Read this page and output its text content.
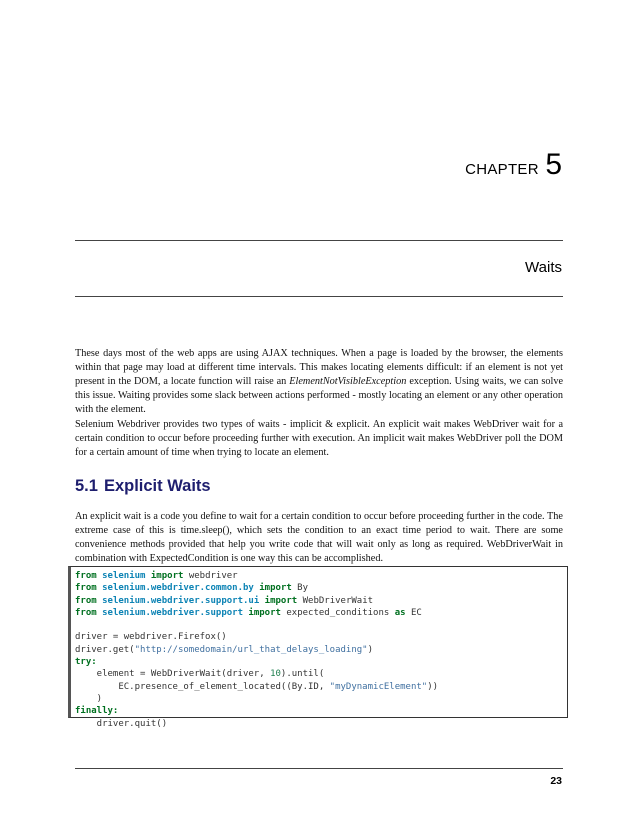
CHAPTER 5
Waits

These days most of the web apps are using AJAX techniques. When a page is loaded by the browser, the elements within that page may load at different time intervals. This makes locating elements difficult: if an element is not yet present in the DOM, a locate function will raise an ElementNotVisibleException exception. Using waits, we can solve this issue. Waiting provides some slack between actions performed - mostly locating an element or any other operation with the element.

Selenium Webdriver provides two types of waits - implicit & explicit. An explicit wait makes WebDriver wait for a certain condition to occur before proceeding further with execution. An implicit wait makes WebDriver poll the DOM for a certain amount of time when trying to locate an element.

5.1 Explicit Waits

An explicit wait is a code you define to wait for a certain condition to occur before proceeding further in the code. The extreme case of this is time.sleep(), which sets the condition to an exact time period to wait. There are some convenience methods provided that help you write code that will wait only as long as required. WebDriverWait in combination with ExpectedCondition is one way this can be accomplished.

from selenium import webdriver
from selenium.webdriver.common.by import By
from selenium.webdriver.support.ui import WebDriverWait
from selenium.webdriver.support import expected_conditions as EC

driver = webdriver.Firefox()
driver.get("http://somedomain/url_that_delays_loading")
try:
element = WebDriverWait(driver, 10).until(
EC.presence_of_element_located((By.ID, "myDynamicElement"))
)
finally:
driver.quit()
23
